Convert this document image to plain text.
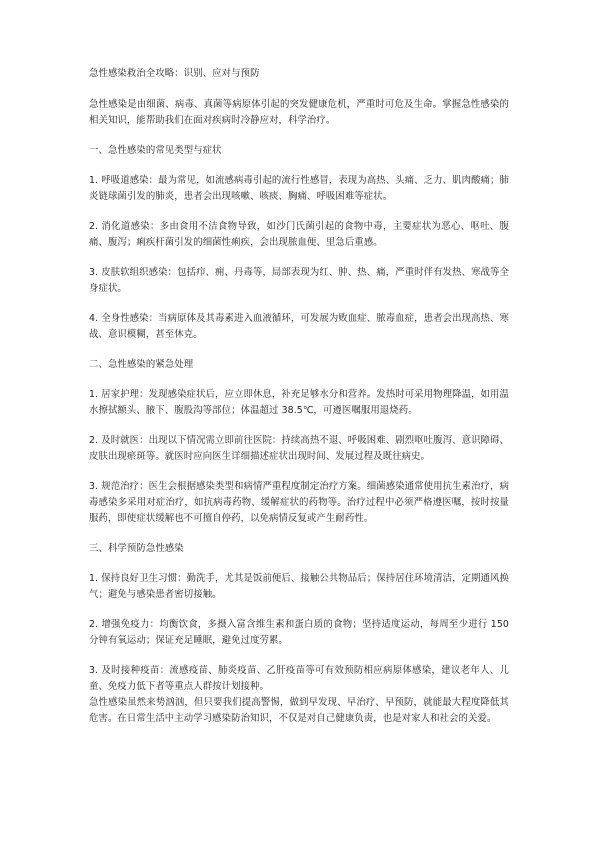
急性感染救治全攻略：识别、应对与预防

急性感染是由细菌、病毒、真菌等病原体引起的突发健康危机，严重时可危及生命。掌握急性感染的相关知识，能帮助我们在面对疾病时冷静应对，科学治疗。

一、急性感染的常见类型与症状

1. 呼吸道感染：最为常见，如流感病毒引起的流行性感冒，表现为高热、头痛、乏力、肌肉酸痛；肺炎链球菌引发的肺炎，患者会出现咳嗽、咳痰、胸痛、呼吸困难等症状。

2. 消化道感染：多由食用不洁食物导致，如沙门氏菌引起的食物中毒，主要症状为恶心、呕吐、腹痛、腹泻；痢疾杆菌引发的细菌性痢疾，会出现脓血便、里急后重感。

3. 皮肤软组织感染：包括疖、痈、丹毒等，局部表现为红、肿、热、痛，严重时伴有发热、寒战等全身症状。

4. 全身性感染：当病原体及其毒素进入血液循环，可发展为败血症、脓毒血症，患者会出现高热、寒战、意识模糊，甚至休克。

二、急性感染的紧急处理

1. 居家护理：发现感染症状后，应立即休息，补充足够水分和营养。发热时可采用物理降温，如用温水擦拭额头、腋下、腹股沟等部位；体温超过 38.5℃，可遵医嘱服用退烧药。

2. 及时就医：出现以下情况需立即前往医院：持续高热不退、呼吸困难、剧烈呕吐腹泻、意识障碍、皮肤出现瘀斑等。就医时应向医生详细描述症状出现时间、发展过程及既往病史。

3. 规范治疗：医生会根据感染类型和病情严重程度制定治疗方案。细菌感染通常使用抗生素治疗，病毒感染多采用对症治疗，如抗病毒药物、缓解症状的药物等。治疗过程中必须严格遵医嘱，按时按量服药，即使症状缓解也不可擅自停药，以免病情反复或产生耐药性。

三、科学预防急性感染

1. 保持良好卫生习惯：勤洗手，尤其是饭前便后、接触公共物品后；保持居住环境清洁，定期通风换气；避免与感染患者密切接触。

2. 增强免疫力：均衡饮食，多摄入富含维生素和蛋白质的食物；坚持适度运动，每周至少进行 150 分钟有氧运动；保证充足睡眠，避免过度劳累。

3. 及时接种疫苗：流感疫苗、肺炎疫苗、乙肝疫苗等可有效预防相应病原体感染，建议老年人、儿童、免疫力低下者等重点人群按计划接种。

急性感染虽然来势汹汹，但只要我们提高警惕，做到早发现、早治疗、早预防，就能最大程度降低其危害。在日常生活中主动学习感染防治知识，不仅是对自己健康负责，也是对家人和社会的关爱。
